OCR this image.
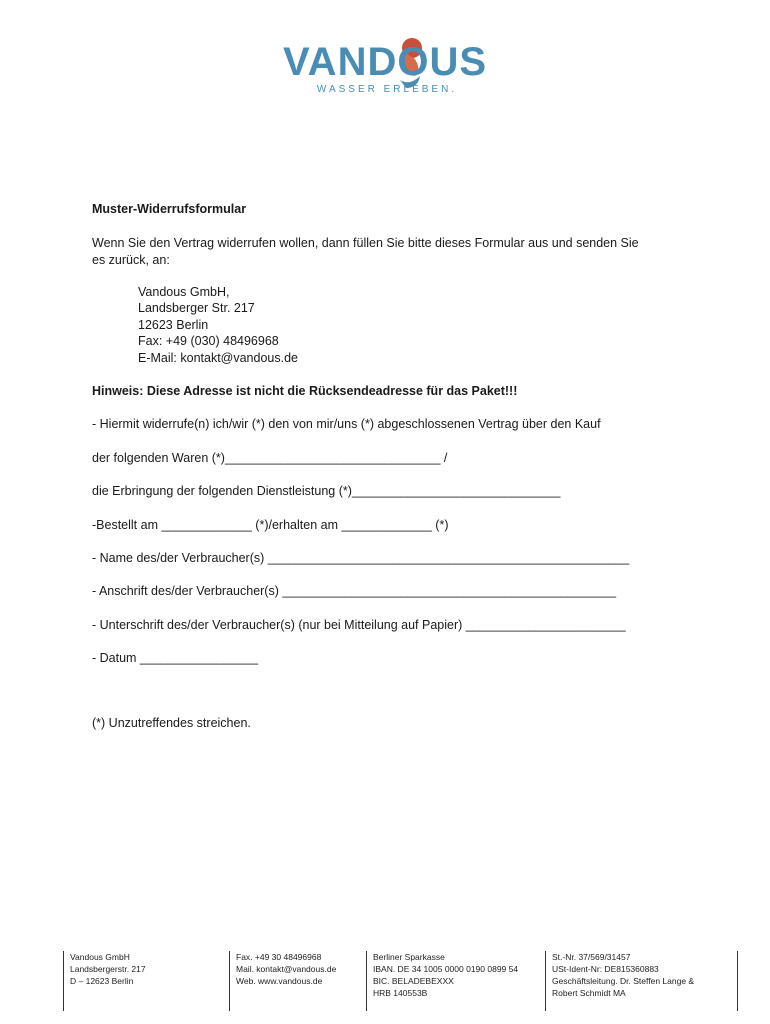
VANDOUS
WASSER ERLEBEN.
Muster-Widerrufsformular
Wenn Sie den Vertrag widerrufen wollen, dann füllen Sie bitte dieses Formular aus und senden Sie
es zurück, an:
Vandous GmbH,
Landsberger Str. 217
12623 Berlin
Fax: +49 (030) 48496968
E-Mail: kontakt@vandous.de
Hinweis: Diese Adresse ist nicht die Rücksendeadresse für das Paket!!!
- Hiermit widerrufe(n) ich/wir (*) den von mir/uns (*) abgeschlossenen Vertrag über den Kauf
der folgenden Waren (*)_______________________________ /
die Erbringung der folgenden Dienstleistung (*)______________________________
-Bestellt am _____________ (*)/erhalten am _____________ (*)
- Name des/der Verbraucher(s) ____________________________________________________
- Anschrift des/der Verbraucher(s) ________________________________________________
- Unterschrift des/der Verbraucher(s) (nur bei Mitteilung auf Papier) _______________________
- Datum _________________
(*) Unzutreffendes streichen.
Vandous GmbH
Landsbergerstr. 217
D – 12623 Berlin
Fax. +49 30 48496968
Mail. kontakt@vandous.de
Web. www.vandous.de
Berliner Sparkasse
IBAN. DE 34 1005 0000 0190 0899 54
BIC. BELADEBEXXX
HRB 140553B
St.-Nr. 37/569/31457
USt-Ident-Nr: DE815360883
Geschäftsleitung. Dr. Steffen Lange &
Robert Schmidt MA
